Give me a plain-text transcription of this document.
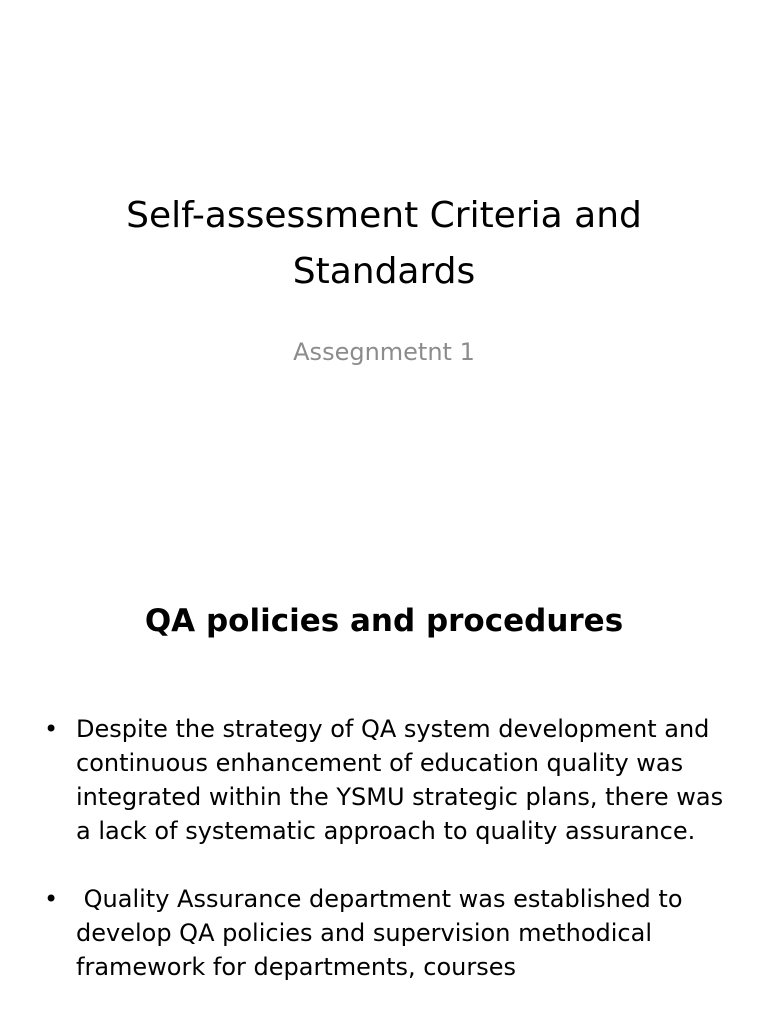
Self-assessment Criteria and Standards

Assegnmetnt 1

QA policies and procedures
• Despite the strategy of QA system development and continuous enhancement of education quality was integrated within the YSMU strategic plans, there was a lack of systematic approach to quality assurance.
• Quality Assurance department was established to develop QA policies and supervision methodical framework for departments, courses
